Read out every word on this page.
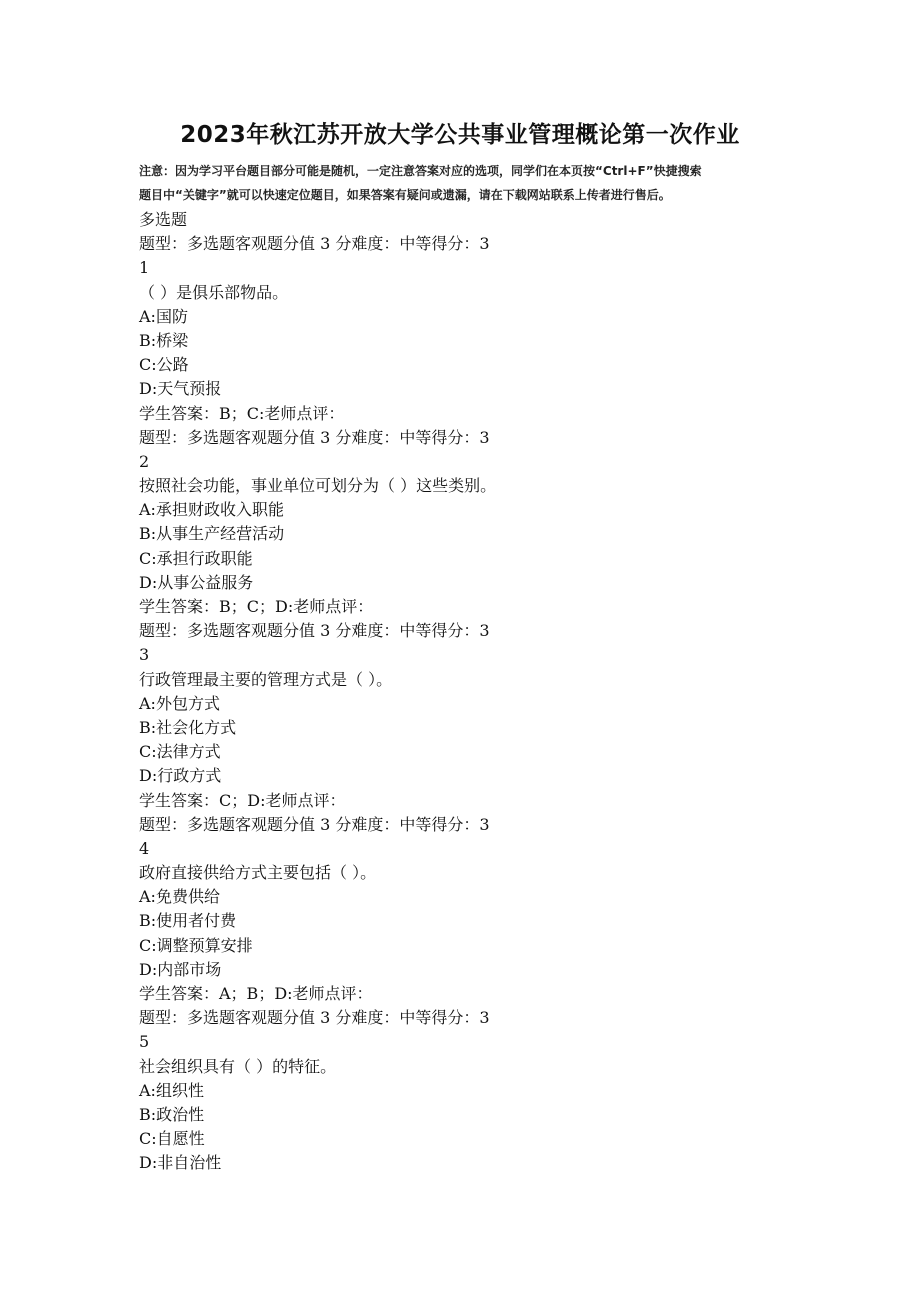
2023年秋江苏开放大学公共事业管理概论第一次作业
注意：因为学习平台题目部分可能是随机，一定注意答案对应的选项，同学们在本页按“Ctrl+F”快捷搜索
题目中“关键字”就可以快速定位题目，如果答案有疑问或遗漏，请在下载网站联系上传者进行售后。
多选题
题型：多选题客观题分值 3 分难度：中等得分：3
1
（ ）是俱乐部物品。
A:国防
B:桥梁
C:公路
D:天气预报
学生答案：B；C:老师点评：
题型：多选题客观题分值 3 分难度：中等得分：3
2
按照社会功能，事业单位可划分为（ ）这些类别。
A:承担财政收入职能
B:从事生产经营活动
C:承担行政职能
D:从事公益服务
学生答案：B；C；D:老师点评：
题型：多选题客观题分值 3 分难度：中等得分：3
3
行政管理最主要的管理方式是（ ）。
A:外包方式
B:社会化方式
C:法律方式
D:行政方式
学生答案：C；D:老师点评：
题型：多选题客观题分值 3 分难度：中等得分：3
4
政府直接供给方式主要包括（ ）。
A:免费供给
B:使用者付费
C:调整预算安排
D:内部市场
学生答案：A；B；D:老师点评：
题型：多选题客观题分值 3 分难度：中等得分：3
5
社会组织具有（ ）的特征。
A:组织性
B:政治性
C:自愿性
D:非自治性
